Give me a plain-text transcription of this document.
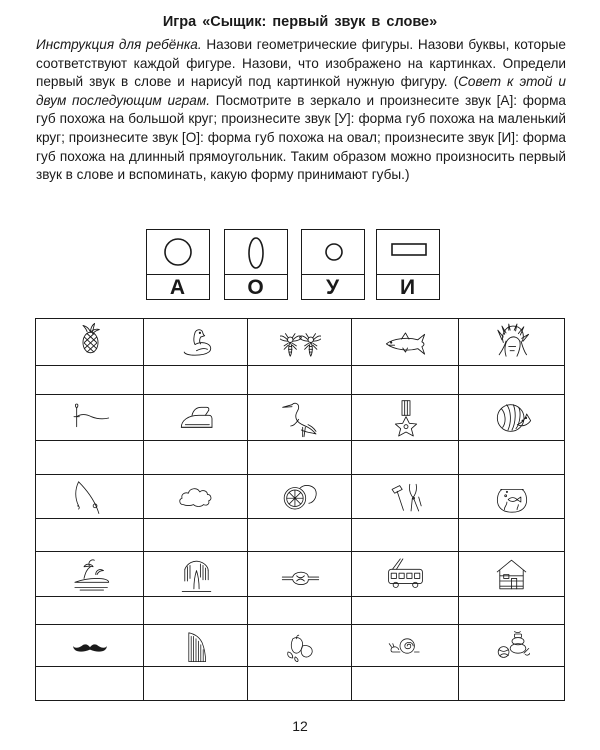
Игра «Сыщик: первый звук в слове»
Инструкция для ребёнка. Назови геометрические фигуры. Назови буквы, которые соответствуют каждой фигуре. Назови, что изображено на картинках. Определи первый звук в слове и нарисуй под картинкой нужную фигуру. (Совет к этой и двум последующим играм. Посмотрите в зеркало и произнесите звук [А]: форма губ похожа на большой круг; произнесите звук [У]: форма губ похожа на маленький круг; произнесите звук [О]: форма губ похожа на овал; произнесите звук [И]: форма губ похожа на длинный прямоугольник. Таким образом можно произносить первый звук в слове и вспоминать, какую форму принимают губы.)
А	О	У	И
12
